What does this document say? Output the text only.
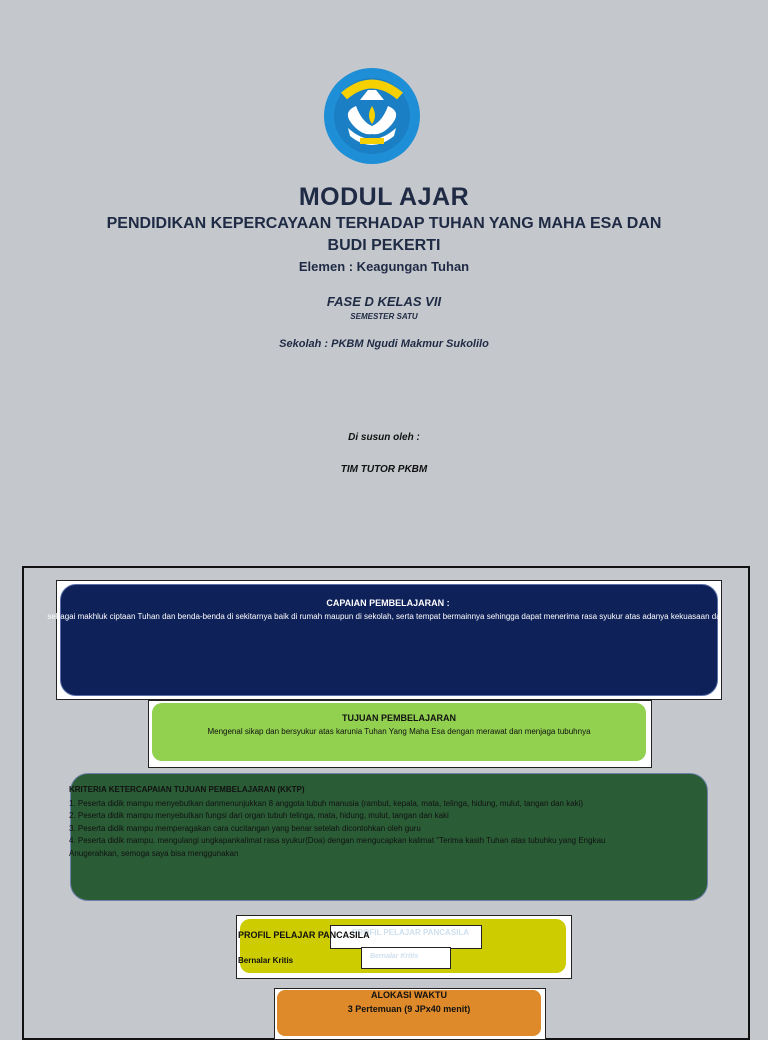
MODUL AJAR
PENDIDIKAN KEPERCAYAAN TERHADAP TUHAN YANG MAHA ESA DAN BUDI PEKERTI
Elemen : Keagungan Tuhan
FASE D KELAS VII
SEMESTER SATU
Sekolah : PKBM Ngudi Makmur Sukolilo
Di susun oleh :
TIM TUTOR PKBM
CAPAIAN PEMBELAJARAN :
sebagai makhluk ciptaan Tuhan dan benda-benda di sekitarnya baik di rumah maupun di sekolah, serta tempat bermainnya sehingga dapat menerima rasa syukur atas adanya kekuasaan da
TUJUAN PEMBELAJARAN
Mengenal sikap dan bersyukur atas karunia Tuhan Yang Maha Esa dengan merawat dan menjaga tubuhnya
KRITERIA KETERCAPAIAN TUJUAN PEMBELAJARAN (KKTP)
1. Peserta didik mampu menyebutkan danmenunjukkan 8 anggota tubuh manusia (rambut, kepala, mata, telinga, hidung, mulut, tangan dan kaki)
2. Peserta didik mampu menyebutkan fungsi dari organ tubuh telinga, mata, hidung, mulut, tangan dan kaki
3. Peserta didik mampu memperagakan cara cucitangan yang benar setelah dicontohkan oleh guru
4. Peserta didik mampu. mengulangi ungkapankalimat rasa syukur(Doa) dengan mengucapkan kalimat "Terima kasih Tuhan atas tubuhku yang Engkau
Anugerahkan, semoga saya bisa menggunakan
PROFIL PELAJAR PANCASILA
PROFIL PELAJAR PANCASILA
Bernalar Kritis
Bernalar Kritis
ALOKASI WAKTU
3 Pertemuan (9 JPx40 menit)
